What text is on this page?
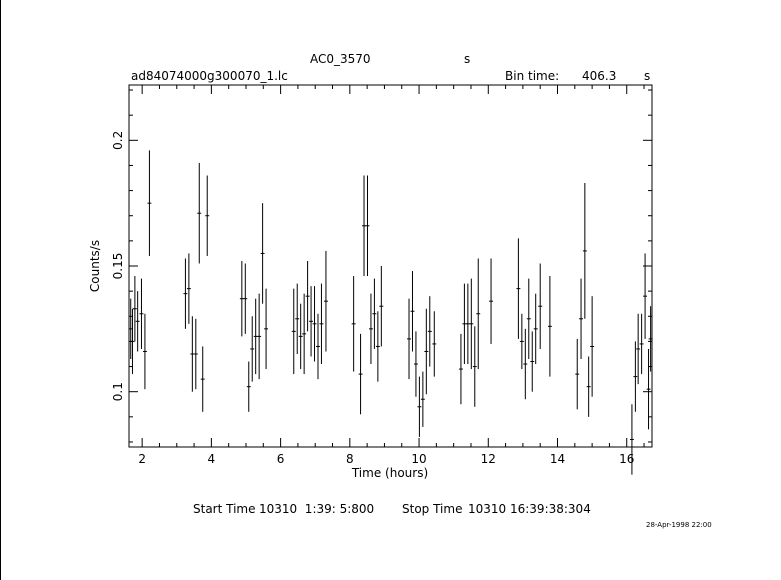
AC0_3570	s
ad84074000g300070_1.lc	Bin time: 406.3 s
2	4	6	8	10	12	14	16
0.1
0.15
0.2
Time (hours)
Counts/s
Start Time 10310  1:39: 5:800 Stop Time 10310 16:39:38:304
28-Apr-1998 22:00
